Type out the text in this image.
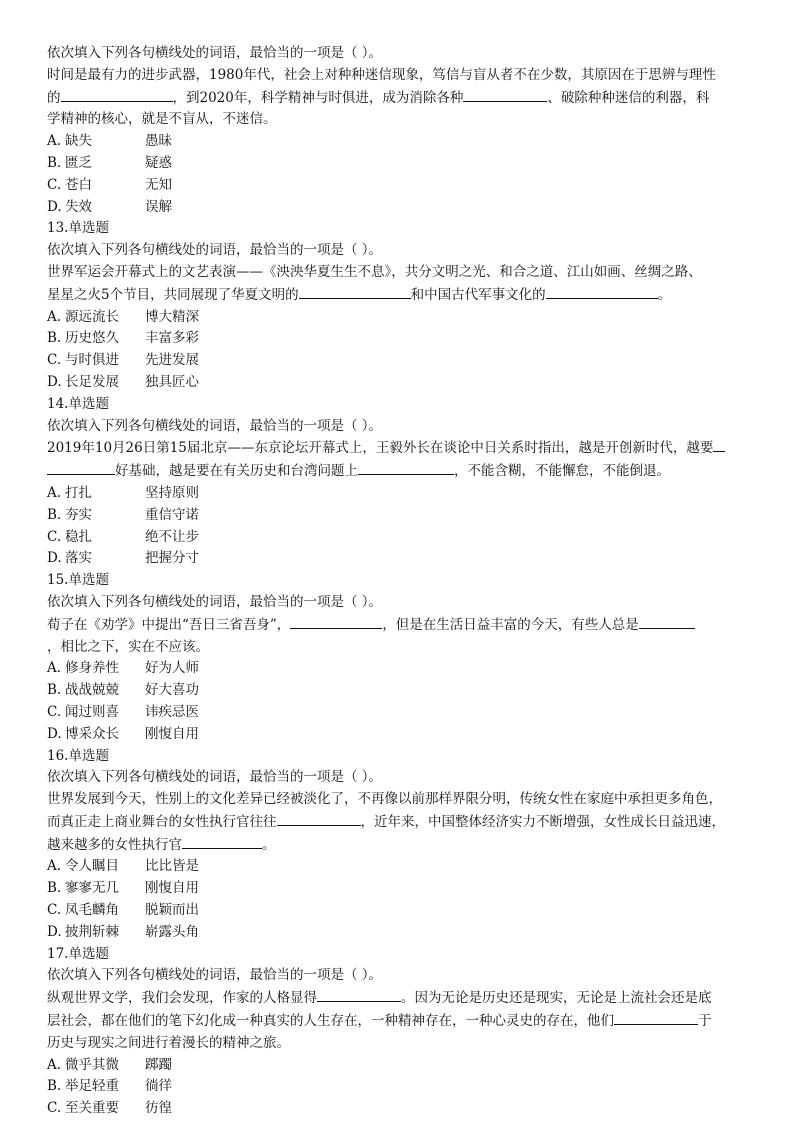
依次填入下列各句横线处的词语，最恰当的一项是（ ）。
时间是最有力的进步武器，1980年代，社会上对种种迷信现象，笃信与盲从者不在少数，其原因在于思辨与理性
的	，到2020年，科学精神与时俱进，成为消除各种	、破除种种迷信的利器，科
学精神的核心，就是不盲从，不迷信。
A. 缺失	愚昧
B. 匮乏	疑惑
C. 苍白	无知
D. 失效	误解
13.单选题
依次填入下列各句横线处的词语，最恰当的一项是（ ）。
世界军运会开幕式上的文艺表演——《泱泱华夏生生不息》，共分文明之光、和合之道、江山如画、丝绸之路、
星星之火5个节目，共同展现了华夏文明的	和中国古代军事文化的	。
A. 源远流长 博大精深
B. 历史悠久 丰富多彩
C. 与时俱进 先进发展
D. 长足发展 独具匠心
14.单选题
依次填入下列各句横线处的词语，最恰当的一项是（ ）。
2019年10月26日第15届北京——东京论坛开幕式上，王毅外长在谈论中日关系时指出，越是开创新时代，越要
好基础，越是要在有关历史和台湾问题上	，不能含糊，不能懈怠，不能倒退。
A. 打扎	坚持原则
B. 夯实	重信守诺
C. 稳扎	绝不让步
D. 落实	把握分寸
15.单选题
依次填入下列各句横线处的词语，最恰当的一项是（ ）。
荀子在《劝学》中提出“吾日三省吾身”，	，但是在生活日益丰富的今天，有些人总是
，相比之下，实在不应该。
A. 修身养性 好为人师
B. 战战兢兢 好大喜功
C. 闻过则喜 讳疾忌医
D. 博采众长 刚愎自用
16.单选题
依次填入下列各句横线处的词语，最恰当的一项是（ ）。
世界发展到今天，性别上的文化差异已经被淡化了，不再像以前那样界限分明，传统女性在家庭中承担更多角色，
而真正走上商业舞台的女性执行官往往	，近年来，中国整体经济实力不断增强，女性成长日益迅速，
越来越多的女性执行官	。
A. 令人瞩目 比比皆是
B. 寥寥无几 刚愎自用
C. 凤毛麟角 脱颖而出
D. 披荆斩棘 崭露头角
17.单选题
依次填入下列各句横线处的词语，最恰当的一项是（ ）。
纵观世界文学，我们会发现，作家的人格显得	。因为无论是历史还是现实，无论是上流社会还是底
层社会，都在他们的笔下幻化成一种真实的人生存在，一种精神存在，一种心灵史的存在，他们	于
历史与现实之间进行着漫长的精神之旅。
A. 微乎其微 踯躅
B. 举足轻重 徜徉
C. 至关重要 彷徨
